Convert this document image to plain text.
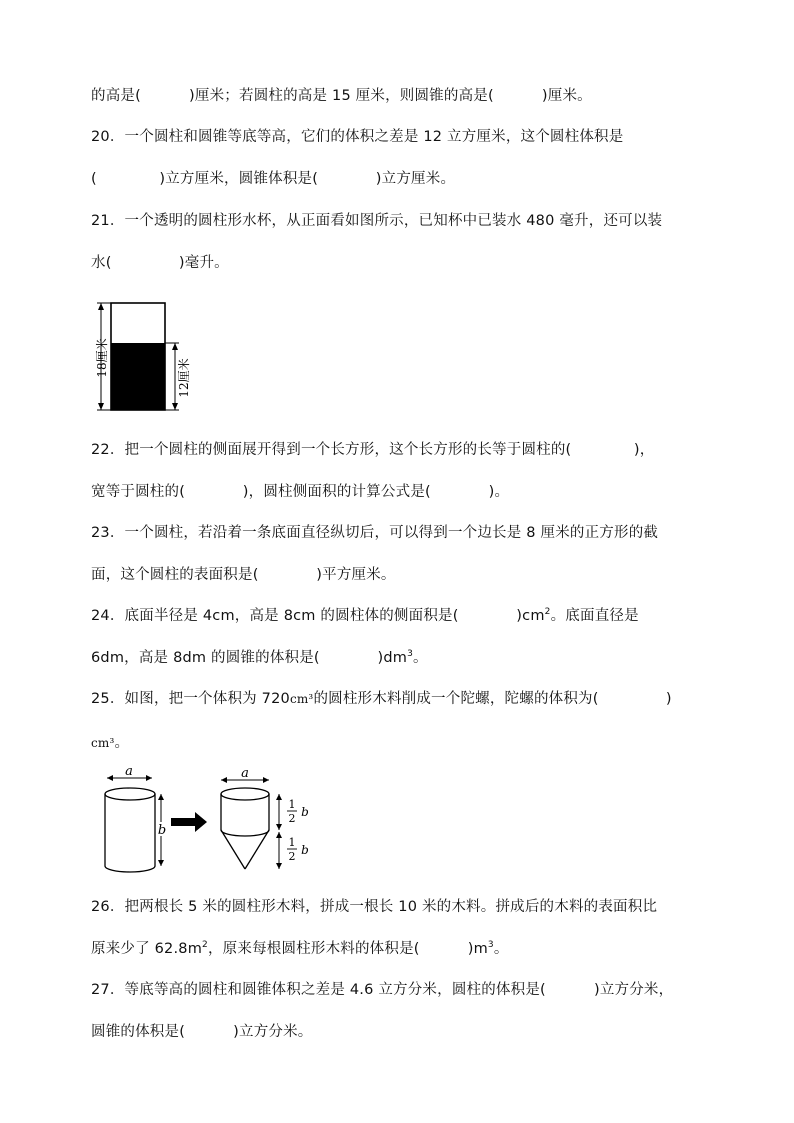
的高是(          )厘米；若圆柱的高是 15 厘米，则圆锥的高是(          )厘米。
20．一个圆柱和圆锥等底等高，它们的体积之差是 12 立方厘米，这个圆柱体积是
(             )立方厘米，圆锥体积是(            )立方厘米。
21．一个透明的圆柱形水杯，从正面看如图所示，已知杯中已装水 480 毫升，还可以装
水(              )毫升。
18厘米
12厘米
22．把一个圆柱的侧面展开得到一个长方形，这个长方形的长等于圆柱的(             )，
宽等于圆柱的(            )，圆柱侧面积的计算公式是(            )。
23．一个圆柱，若沿着一条底面直径纵切后，可以得到一个边长是 8 厘米的正方形的截
面，这个圆柱的表面积是(            )平方厘米。
24．底面半径是 4cm，高是 8cm 的圆柱体的侧面积是(            )$cm^2$。底面直径是
6dm，高是 8dm 的圆锥的体积是(            )$dm^3$。
25．如图，把一个体积为 720cm³的圆柱形木料削成一个陀螺，陀螺的体积为(              )
cm³。
a
b
a
1
2 b
1
2 b
26．把两根长 5 米的圆柱形木料，拼成一根长 10 米的木料。拼成后的木料的表面积比
原来少了 $62.8m^2$，原来每根圆柱形木料的体积是(          )$m^3$。
27．等底等高的圆柱和圆锥体积之差是 4.6 立方分米，圆柱的体积是(          )立方分米，
圆锥的体积是(          )立方分米。
